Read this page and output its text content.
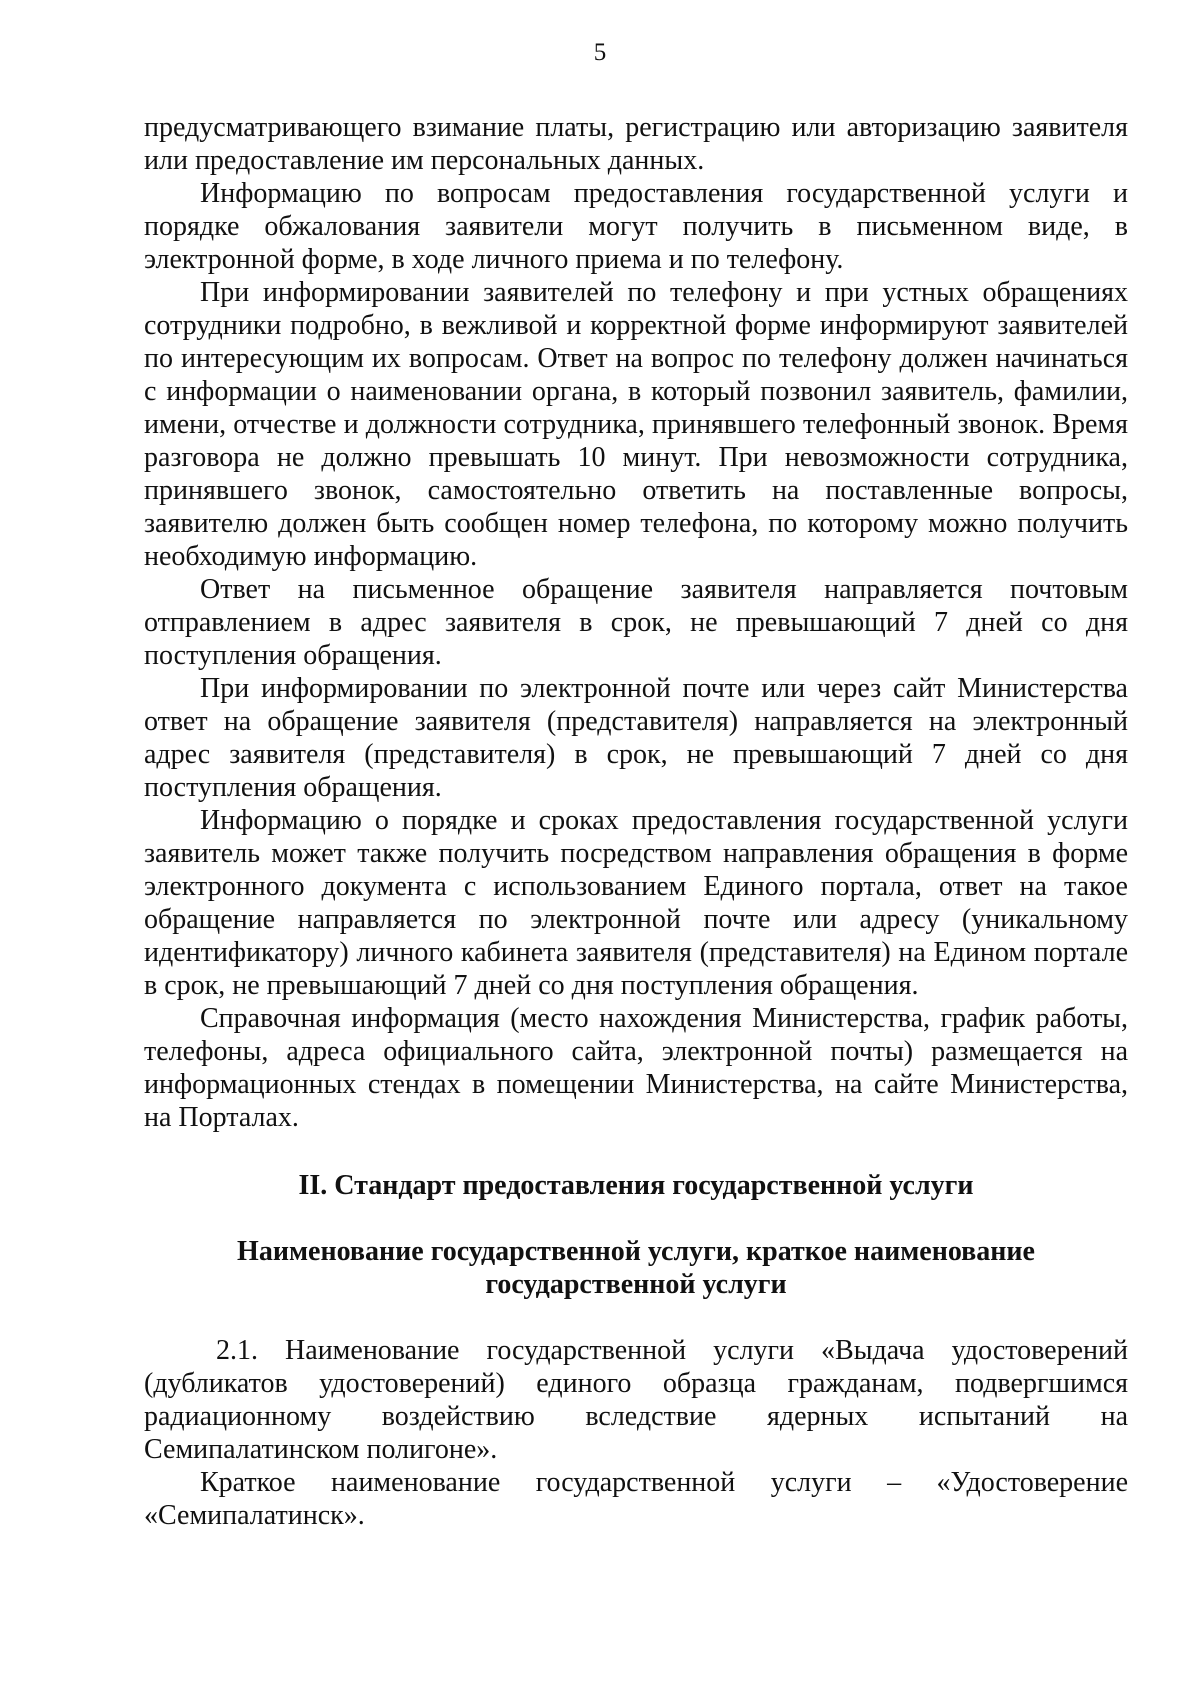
5

предусматривающего взимание платы, регистрацию или авторизацию заявителя или предоставление им персональных данных.

Информацию по вопросам предоставления государственной услуги и порядке обжалования заявители могут получить в письменном виде, в электронной форме, в ходе личного приема и по телефону.

При информировании заявителей по телефону и при устных обращениях сотрудники подробно, в вежливой и корректной форме информируют заявителей по интересующим их вопросам. Ответ на вопрос по телефону должен начинаться с информации о наименовании органа, в который позвонил заявитель, фамилии, имени, отчестве и должности сотрудника, принявшего телефонный звонок. Время разговора не должно превышать 10 минут. При невозможности сотрудника, принявшего звонок, самостоятельно ответить на поставленные вопросы, заявителю должен быть сообщен номер телефона, по которому можно получить необходимую информацию.

Ответ на письменное обращение заявителя направляется почтовым отправлением в адрес заявителя в срок, не превышающий 7 дней со дня поступления обращения.

При информировании по электронной почте или через сайт Министерства ответ на обращение заявителя (представителя) направляется на электронный адрес заявителя (представителя) в срок, не превышающий 7 дней со дня поступления обращения.

Информацию о порядке и сроках предоставления государственной услуги заявитель может также получить посредством направления обращения в форме электронного документа с использованием Единого портала, ответ на такое обращение направляется по электронной почте или адресу (уникальному идентификатору) личного кабинета заявителя (представителя) на Едином портале в срок, не превышающий 7 дней со дня поступления обращения.

Справочная информация (место нахождения Министерства, график работы, телефоны, адреса официального сайта, электронной почты) размещается на информационных стендах в помещении Министерства, на сайте Министерства, на Порталах.

II. Стандарт предоставления государственной услуги

Наименование государственной услуги, краткое наименование
государственной услуги

2.1. Наименование государственной услуги «Выдача удостоверений (дубликатов удостоверений) единого образца гражданам, подвергшимся радиационному воздействию вследствие ядерных испытаний на Семипалатинском полигоне».

Краткое наименование государственной услуги – «Удостоверение «Семипалатинск».
